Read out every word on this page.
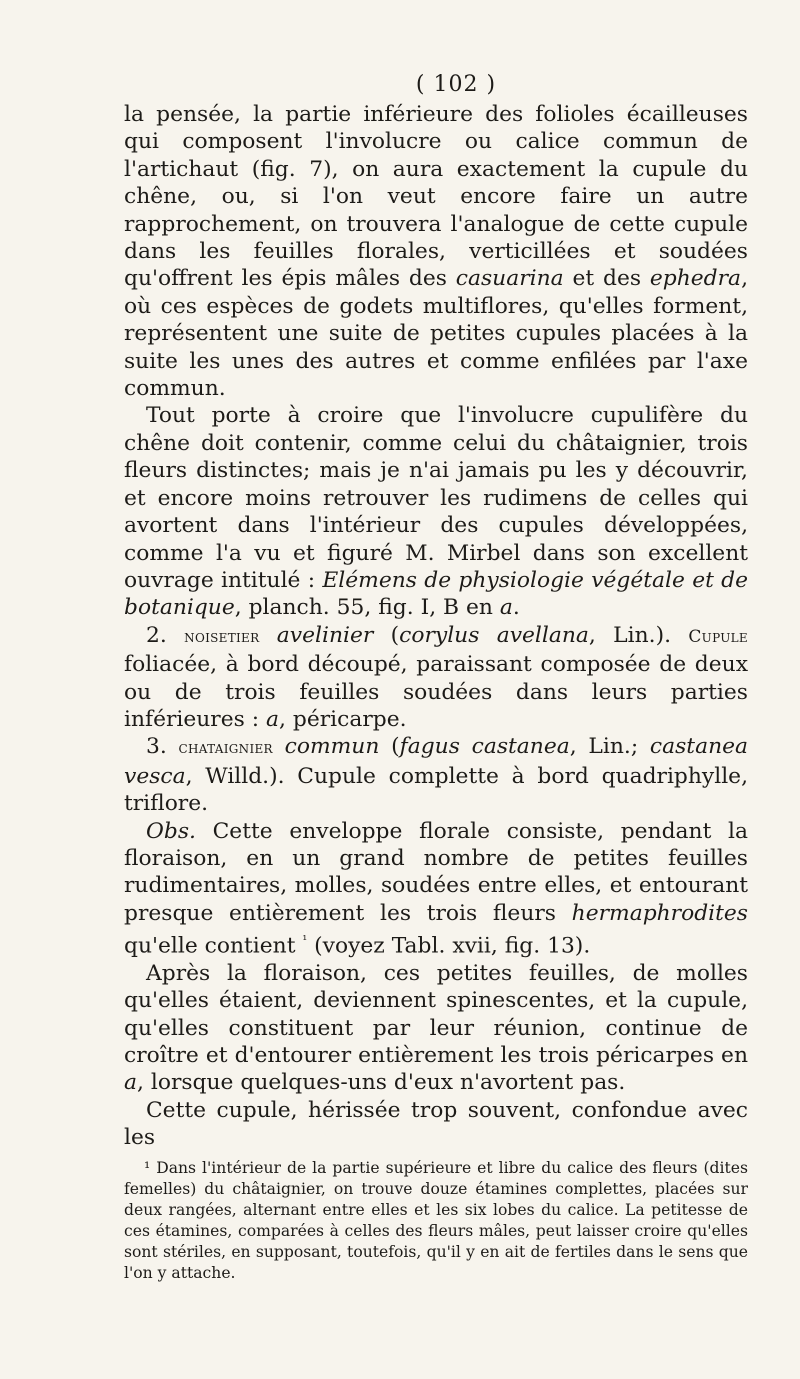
( 102 )

la pensée, la partie inférieure des folioles écailleuses qui composent l'involucre ou calice commun de l'artichaut (fig. 7), on aura exactement la cupule du chêne, ou, si l'on veut encore faire un autre rapprochement, on trouvera l'analogue de cette cupule dans les feuilles florales, verticillées et soudées qu'offrent les épis mâles des casuarina et des ephedra, où ces espèces de godets multiflores, qu'elles forment, représentent une suite de petites cupules placées à la suite les unes des autres et comme enfilées par l'axe commun.

Tout porte à croire que l'involucre cupulifère du chêne doit contenir, comme celui du châtaignier, trois fleurs distinctes; mais je n'ai jamais pu les y découvrir, et encore moins retrouver les rudimens de celles qui avortent dans l'intérieur des cupules développées, comme l'a vu et figuré M. Mirbel dans son excellent ouvrage intitulé : Elémens de physiologie végétale et de botanique, planch. 55, fig. I, B en a.

2. noisetier avelinier (corylus avellana, Lin.). Cupule foliacée, à bord découpé, paraissant composée de deux ou de trois feuilles soudées dans leurs parties inférieures : a, péricarpe.

3. chataignier commun (fagus castanea, Lin.; castanea vesca, Willd.). Cupule complette à bord quadriphylle, triflore.

Obs. Cette enveloppe florale consiste, pendant la floraison, en un grand nombre de petites feuilles rudimentaires, molles, soudées entre elles, et entourant presque entièrement les trois fleurs hermaphrodites qu'elle contient $^{^1}$ (voyez Tabl. xvii, fig. 13).

Après la floraison, ces petites feuilles, de molles qu'elles étaient, deviennent spinescentes, et la cupule, qu'elles constituent par leur réunion, continue de croître et d'entourer entièrement les trois péricarpes en a, lorsque quelques-uns d'eux n'avortent pas.

Cette cupule, hérissée trop souvent, confondue avec les

¹ Dans l'intérieur de la partie supérieure et libre du calice des fleurs (dites femelles) du châtaignier, on trouve douze étamines complettes, placées sur deux rangées, alternant entre elles et les six lobes du calice. La petitesse de ces étamines, comparées à celles des fleurs mâles, peut laisser croire qu'elles sont stériles, en supposant, toutefois, qu'il y en ait de fertiles dans le sens que l'on y attache.
